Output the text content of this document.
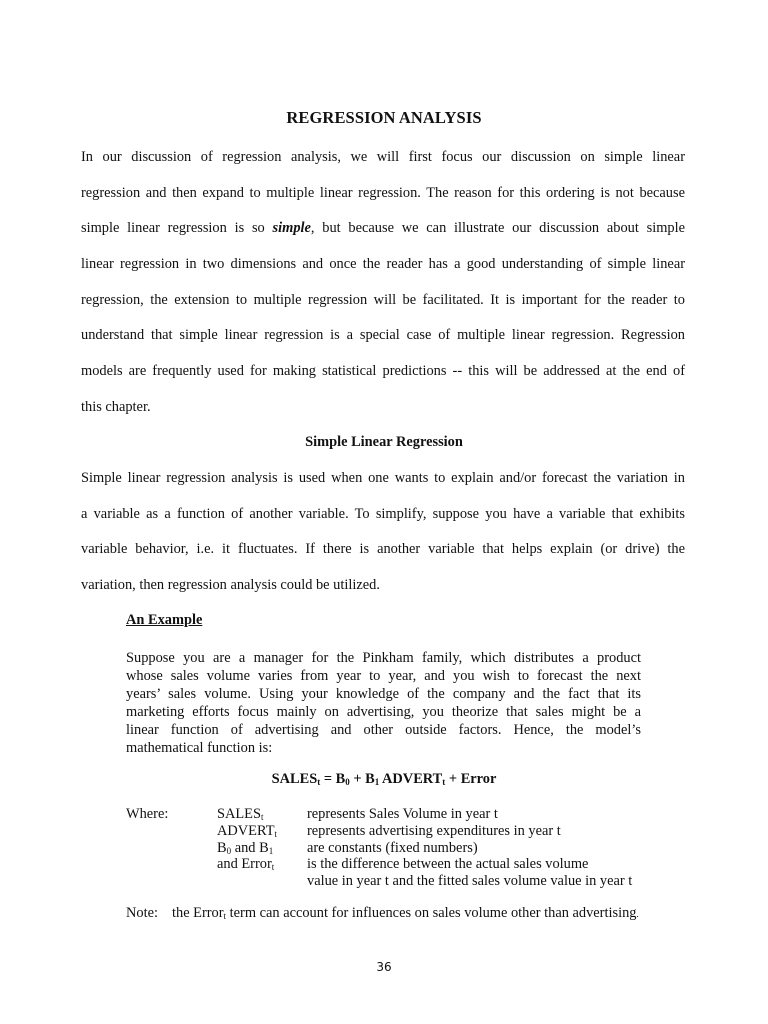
REGRESSION ANALYSIS
In our discussion of regression analysis, we will first focus our discussion on simple linear
regression and then expand to multiple linear regression. The reason for this ordering is not because
simple linear regression is so simple, but because we can illustrate our discussion about simple
linear regression in two dimensions and once the reader has a good understanding of simple linear
regression, the extension to multiple regression will be facilitated. It is important for the reader to
understand that simple linear regression is a special case of multiple linear regression. Regression
models are frequently used for making statistical predictions -- this will be addressed at the end of
this chapter.
Simple Linear Regression
Simple linear regression analysis is used when one wants to explain and/or forecast the variation in
a variable as a function of another variable. To simplify, suppose you have a variable that exhibits
variable behavior, i.e. it fluctuates. If there is another variable that helps explain (or drive) the
variation, then regression analysis could be utilized.
An Example
Suppose you are a manager for the Pinkham family, which distributes a product
whose sales volume varies from year to year, and you wish to forecast the next
years’ sales volume. Using your knowledge of the company and the fact that its
marketing efforts focus mainly on advertising, you theorize that sales might be a
linear function of advertising and other outside factors. Hence, the model’s
mathematical function is:
$SALES_t = B_0 + B_1$ $ADVERT_t$ + Error
Where:	$SALES_t$	represents Sales Volume in year t
$ADVERT_t$ represents advertising expenditures in year t
$B_0$ and $B_1$ are constants (fixed numbers)
and Error$_t$ is the difference between the actual sales volume
value in year t and the fitted sales volume value in year t
Note: the Error$_t$ term can account for influences on sales volume other than advertising.
36
